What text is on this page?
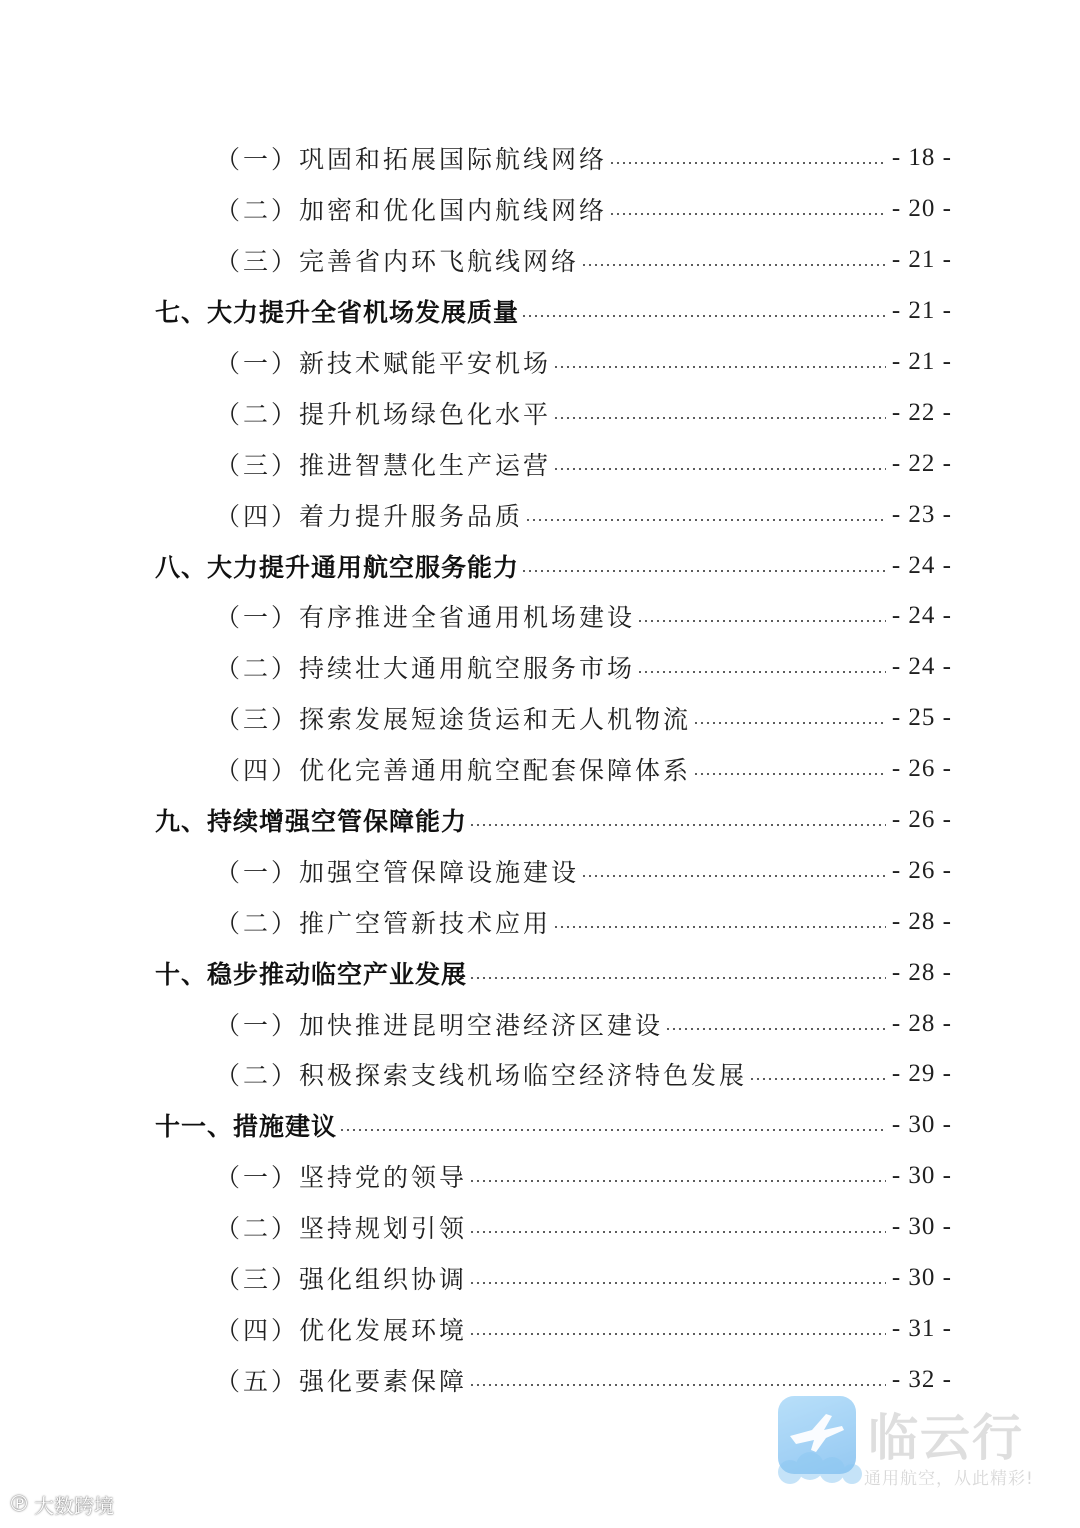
（一）巩固和拓展国际航线网络	- 18 -
（二）加密和优化国内航线网络	- 20 -
（三）完善省内环飞航线网络	- 21 -
七、大力提升全省机场发展质量	- 21 -
（一）新技术赋能平安机场	- 21 -
（二）提升机场绿色化水平	- 22 -
（三）推进智慧化生产运营	- 22 -
（四）着力提升服务品质	- 23 -
八、大力提升通用航空服务能力	- 24 -
（一）有序推进全省通用机场建设	- 24 -
（二）持续壮大通用航空服务市场	- 24 -
（三）探索发展短途货运和无人机物流	- 25 -
（四）优化完善通用航空配套保障体系	- 26 -
九、持续增强空管保障能力	- 26 -
（一）加强空管保障设施建设	- 26 -
（二）推广空管新技术应用	- 28 -
十、稳步推动临空产业发展	- 28 -
（一）加快推进昆明空港经济区建设	- 28 -
（二）积极探索支线机场临空经济特色发展	- 29 -
十一、措施建议	- 30 -
（一）坚持党的领导	- 30 -
（二）坚持规划引领	- 30 -
（三）强化组织协调	- 30 -
（四）优化发展环境	- 31 -
（五）强化要素保障	- 32 -
临云行
通用航空，从此精彩!
℗ 大数跨境
